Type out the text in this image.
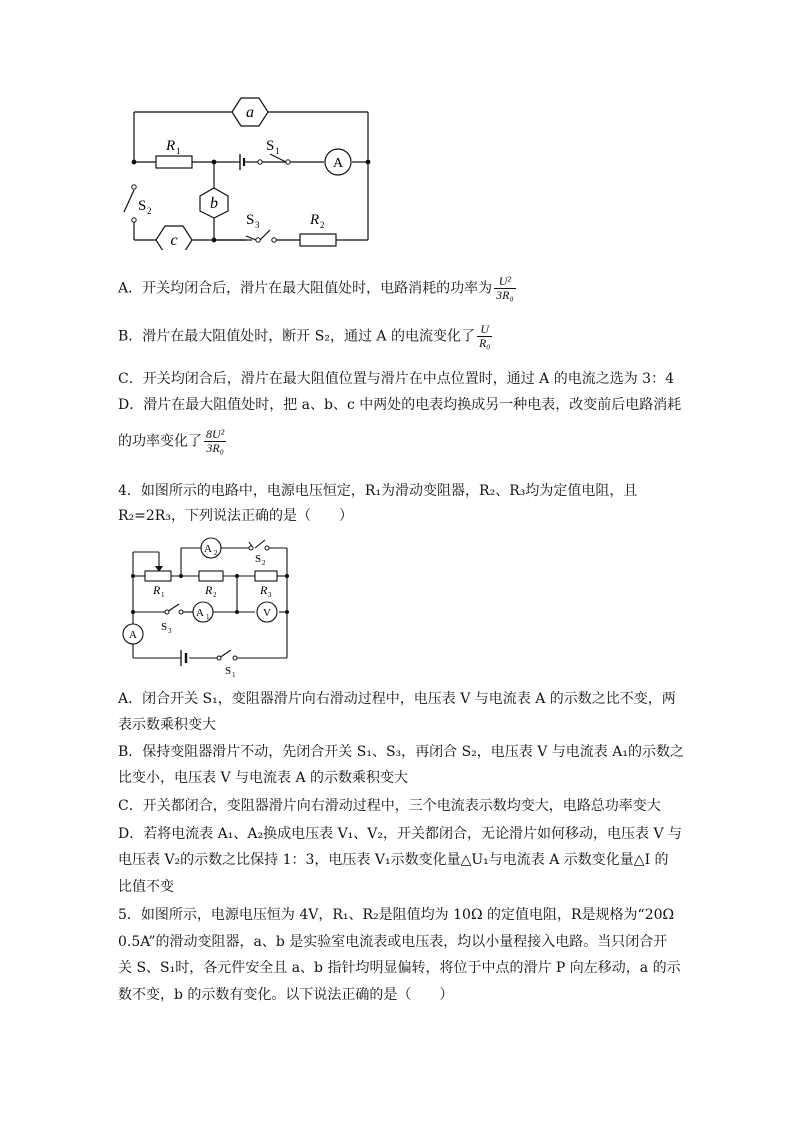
a
b
c
A
R 1
R 2
S 1
S 2
S 3
A．开关均闭合后，滑片在最大阻值处时，电路消耗的功率为 $\frac{\text{U²}}{\text{3R₀}}$
B．滑片在最大阻值处时，断开 S₂，通过 A 的电流变化了 $\frac{U}{\text{R₀}}$
C．开关均闭合后，滑片在最大阻值位置与滑片在中点位置时，通过 A 的电流之选为 3：4
D．滑片在最大阻值处时，把 a、b、c 中两处的电表均换成另一种电表，改变前后电路消耗
的功率变化了 $\frac{\text{8U²}}{\text{3R₀}}$
4．如图所示的电路中，电源电压恒定，R₁为滑动变阻器，R₂、R₃均为定值电阻，且
R₂=2R₃，下列说法正确的是（　　）
A 2	S 2
R 1	R 2	R 3
S 3
A 1	V
A
S 1
A．闭合开关 S₁，变阻器滑片向右滑动过程中，电压表 V 与电流表 A 的示数之比不变，两
表示数乘积变大
B．保持变阻器滑片不动，先闭合开关 S₁、S₃，再闭合 S₂，电压表 V 与电流表 A₁的示数之
比变小，电压表 V 与电流表 A 的示数乘积变大
C．开关都闭合，变阻器滑片向右滑动过程中，三个电流表示数均变大，电路总功率变大
D．若将电流表 A₁、A₂换成电压表 V₁、V₂，开关都闭合，无论滑片如何移动，电压表 V 与
电压表 V₂的示数之比保持 1：3，电压表 V₁示数变化量△U₁与电流表 A 示数变化量△I 的
比值不变
5．如图所示，电源电压恒为 4V，R₁、R₂是阻值均为 10Ω 的定值电阻，R是规格为“20Ω
0.5A”的滑动变阻器，a、b 是实验室电流表或电压表，均以小量程接入电路。当只闭合开
关 S、S₁时，各元件安全且 a、b 指针均明显偏转，将位于中点的滑片 P 向左移动，a 的示
数不变，b 的示数有变化。以下说法正确的是（　　）
